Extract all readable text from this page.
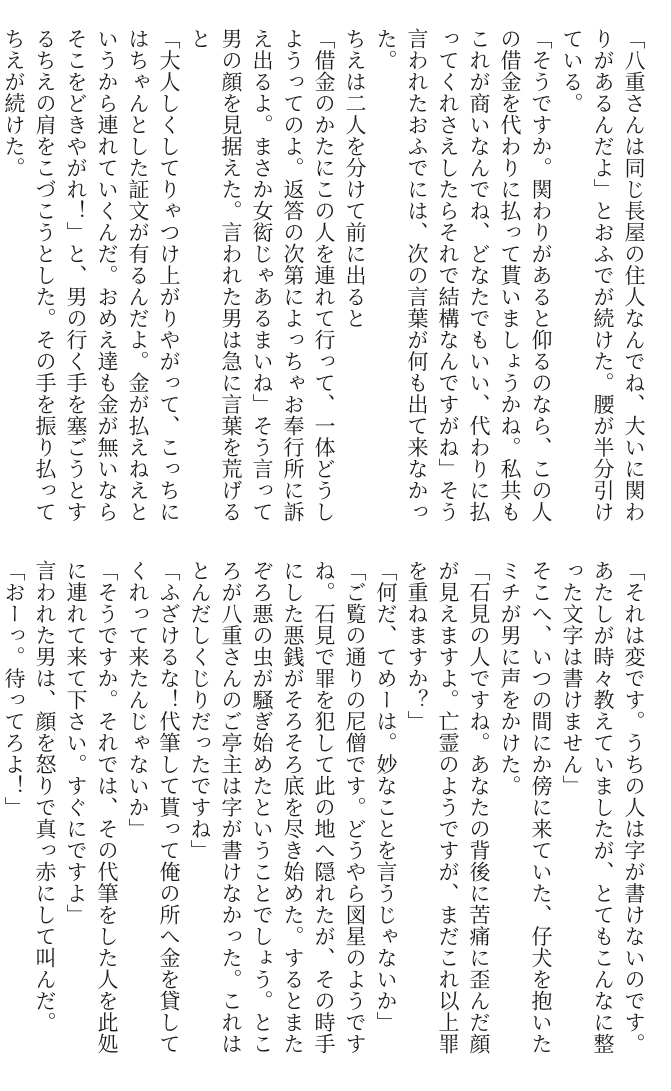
「八重さんは同じ長屋の住人なんでね、大いに関わりがあるんだよ」とおふでが続けた。腰が半分引けている。

「そうですか。関わりがあると仰るのなら、この人の借金を代わりに払って貰いましょうかね。私共もこれが商いなんでね、どなたでもいい、代わりに払ってくれさえしたらそれで結構なんですがね」そう言われたおふでには、次の言葉が何も出て来なかった。

ちえは二人を分けて前に出ると

「借金のかたにこの人を連れて行って、一体どうしようってのよ。返答の次第によっちゃお奉行所に訴え出るよ。まさか女衒じゃあるまいね」そう言って男の顔を見据えた。言われた男は急に言葉を荒げると

「大人しくしてりゃつけ上がりやがって、こっちにはちゃんとした証文が有るんだよ。金が払えねえというから連れていくんだ。おめえ達も金が無いならそこをどきやがれ！」と、男の行く手を塞ごうとするちえの肩をこづこうとした。その手を振り払ってちえが続けた。

「それは変です。うちの人は字が書けないのです。あたしが時々教えていましたが、とてもこんなに整った文字は書けません」

そこへ、いつの間にか傍に来ていた、仔犬を抱いたミチが男に声をかけた。

「石見の人ですね。あなたの背後に苦痛に歪んだ顔が見えますよ。亡霊のようですが、まだこれ以上罪を重ねますか？」

「何だ、てめーは。妙なことを言うじゃないか」

「ご覧の通りの尼僧です。どうやら図星のようですね。石見で罪を犯して此の地へ隠れたが、その時手にした悪銭がそろそろ底を尽き始めた。するとまたぞろ悪の虫が騒ぎ始めたということでしょう。ところが八重さんのご亭主は字が書けなかった。これはとんだしくじりだったですね」

「ふざけるな！代筆して貰って俺の所へ金を貸してくれって来たんじゃないか」

「そうですか。それでは、その代筆をした人を此処に連れて来て下さい。すぐにですよ」

言われた男は、顔を怒りで真っ赤にして叫んだ。

「おーっ。待ってろよ！」
